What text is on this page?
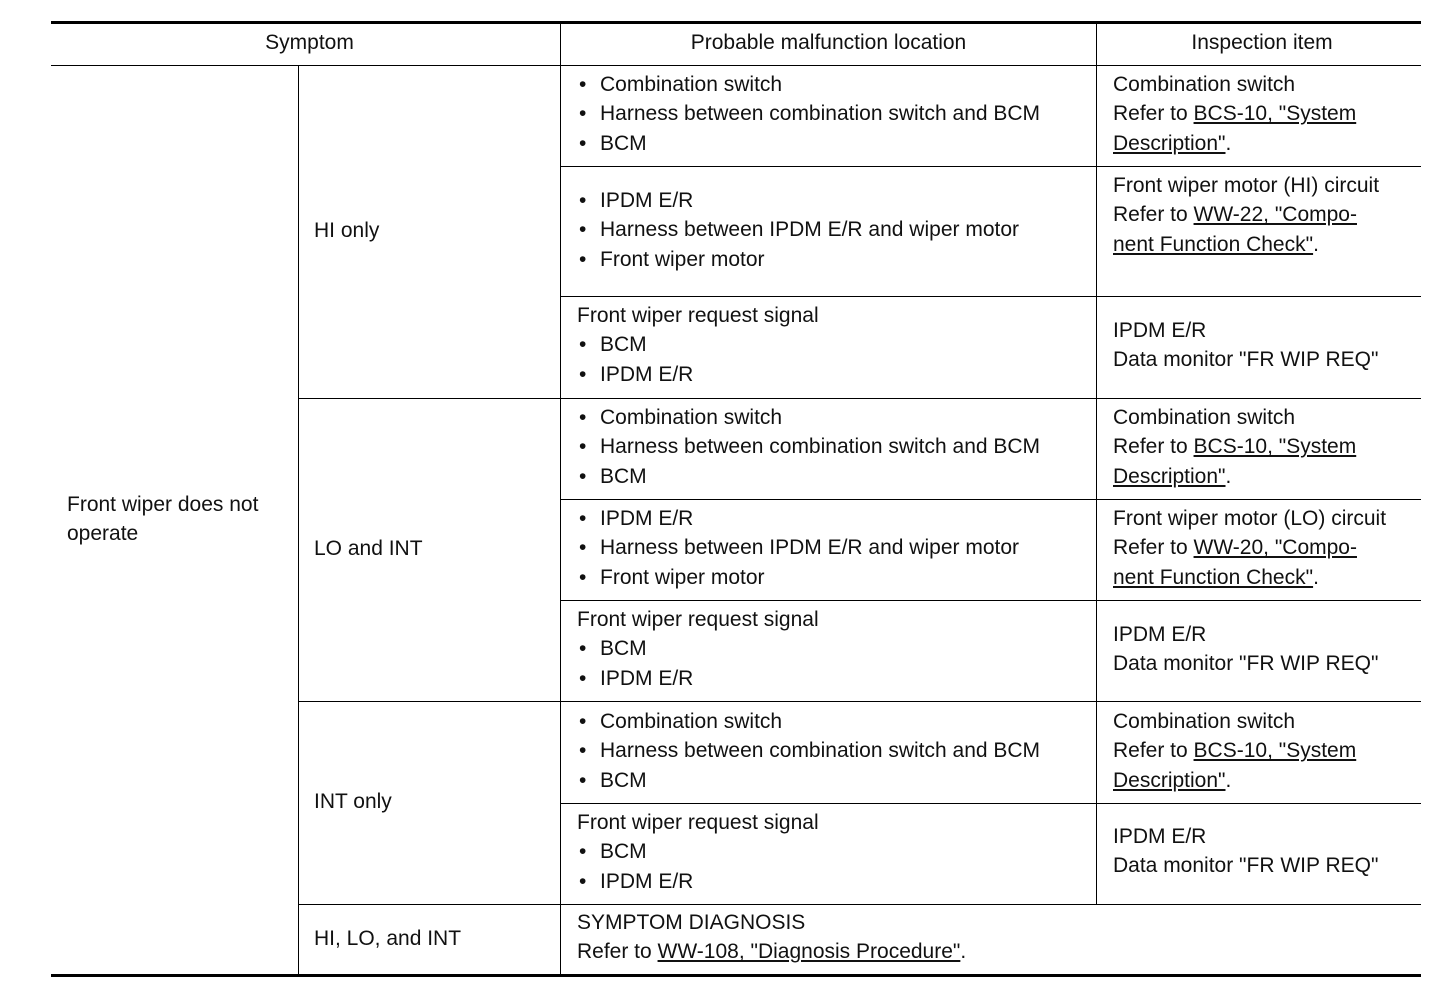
Symptom	Probable malfunction location	Inspection item
Front wiper does not
operate
HI only
LO and INT
INT only
HI, LO, and INT
• Combination switch
• Harness between combination switch and BCM
• BCM
Combination switch
Refer to BCS-10, "System
Description".
• IPDM E/R
• Harness between IPDM E/R and wiper motor
• Front wiper motor
Front wiper motor (HI) circuit
Refer to WW-22, "Compo-
nent Function Check".
Front wiper request signal
• BCM
• IPDM E/R
IPDM E/R
Data monitor "FR WIP REQ"
• Combination switch
• Harness between combination switch and BCM
• BCM
Combination switch
Refer to BCS-10, "System
Description".
• IPDM E/R
• Harness between IPDM E/R and wiper motor
• Front wiper motor
Front wiper motor (LO) circuit
Refer to WW-20, "Compo-
nent Function Check".
Front wiper request signal
• BCM
• IPDM E/R
IPDM E/R
Data monitor "FR WIP REQ"
• Combination switch
• Harness between combination switch and BCM
• BCM
Combination switch
Refer to BCS-10, "System
Description".
Front wiper request signal
• BCM
• IPDM E/R
IPDM E/R
Data monitor "FR WIP REQ"
SYMPTOM DIAGNOSIS
Refer to WW-108, "Diagnosis Procedure".
